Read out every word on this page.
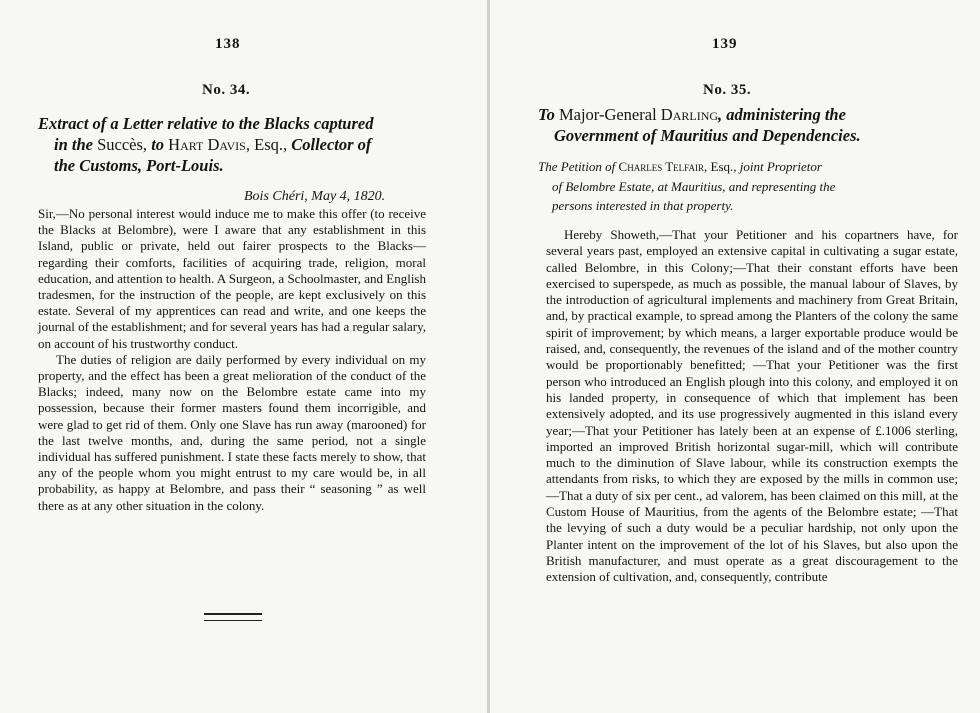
138
No. 34.
Extract of a Letter relative to the Blacks captured
in the Succès, to Hart Davis, Esq., Collector of
the Customs, Port-Louis.
Bois Chéri, May 4, 1820.

Sir,—No personal interest would induce me to make this offer (to receive the Blacks at Belombre), were I aware that any establishment in this Island, public or private, held out fairer prospects to the Blacks—regarding their comforts, facilities of acquiring trade, religion, moral education, and attention to health. A Surgeon, a Schoolmaster, and English tradesmen, for the instruction of the people, are kept exclusively on this estate. Several of my apprentices can read and write, and one keeps the journal of the establishment; and for several years has had a regular salary, on account of his trustworthy conduct.

The duties of religion are daily performed by every individual on my property, and the effect has been a great melioration of the conduct of the Blacks; indeed, many now on the Belombre estate came into my possession, because their former masters found them incorrigible, and were glad to get rid of them. Only one Slave has run away (marooned) for the last twelve months, and, during the same period, not a single individual has suffered punishment. I state these facts merely to show, that any of the people whom you might entrust to my care would be, in all probability, as happy at Belombre, and pass their “ seasoning ” as well there as at any other situation in the colony.

139
No. 35.
To Major-General Darling, administering the
Government of Mauritius and Dependencies.
The Petition of Charles Telfair, Esq., joint Proprietor
of Belombre Estate, at Mauritius, and representing the
persons interested in that property.

Hereby Showeth,—That your Petitioner and his copartners have, for several years past, employed an extensive capital in cultivating a sugar estate, called Belombre, in this Colony;—That their constant efforts have been exercised to superspede, as much as possible, the manual labour of Slaves, by the introduction of agricultural implements and machinery from Great Britain, and, by practical example, to spread among the Planters of the colony the same spirit of improvement; by which means, a larger exportable produce would be raised, and, consequently, the revenues of the island and of the mother country would be proportionably benefitted; —That your Petitioner was the first person who introduced an English plough into this colony, and employed it on his landed property, in consequence of which that implement has been extensively adopted, and its use progressively augmented in this island every year;—That your Petitioner has lately been at an expense of £.1006 sterling, imported an improved British horizontal sugar-mill, which will contribute much to the diminution of Slave labour, while its construction exempts the attendants from risks, to which they are exposed by the mills in common use;—That a duty of six per cent., ad valorem, has been claimed on this mill, at the Custom House of Mauritius, from the agents of the Belombre estate; —That the levying of such a duty would be a peculiar hardship, not only upon the Planter intent on the improvement of the lot of his Slaves, but also upon the British manufacturer, and must operate as a great discouragement to the extension of cultivation, and, consequently, contribute
